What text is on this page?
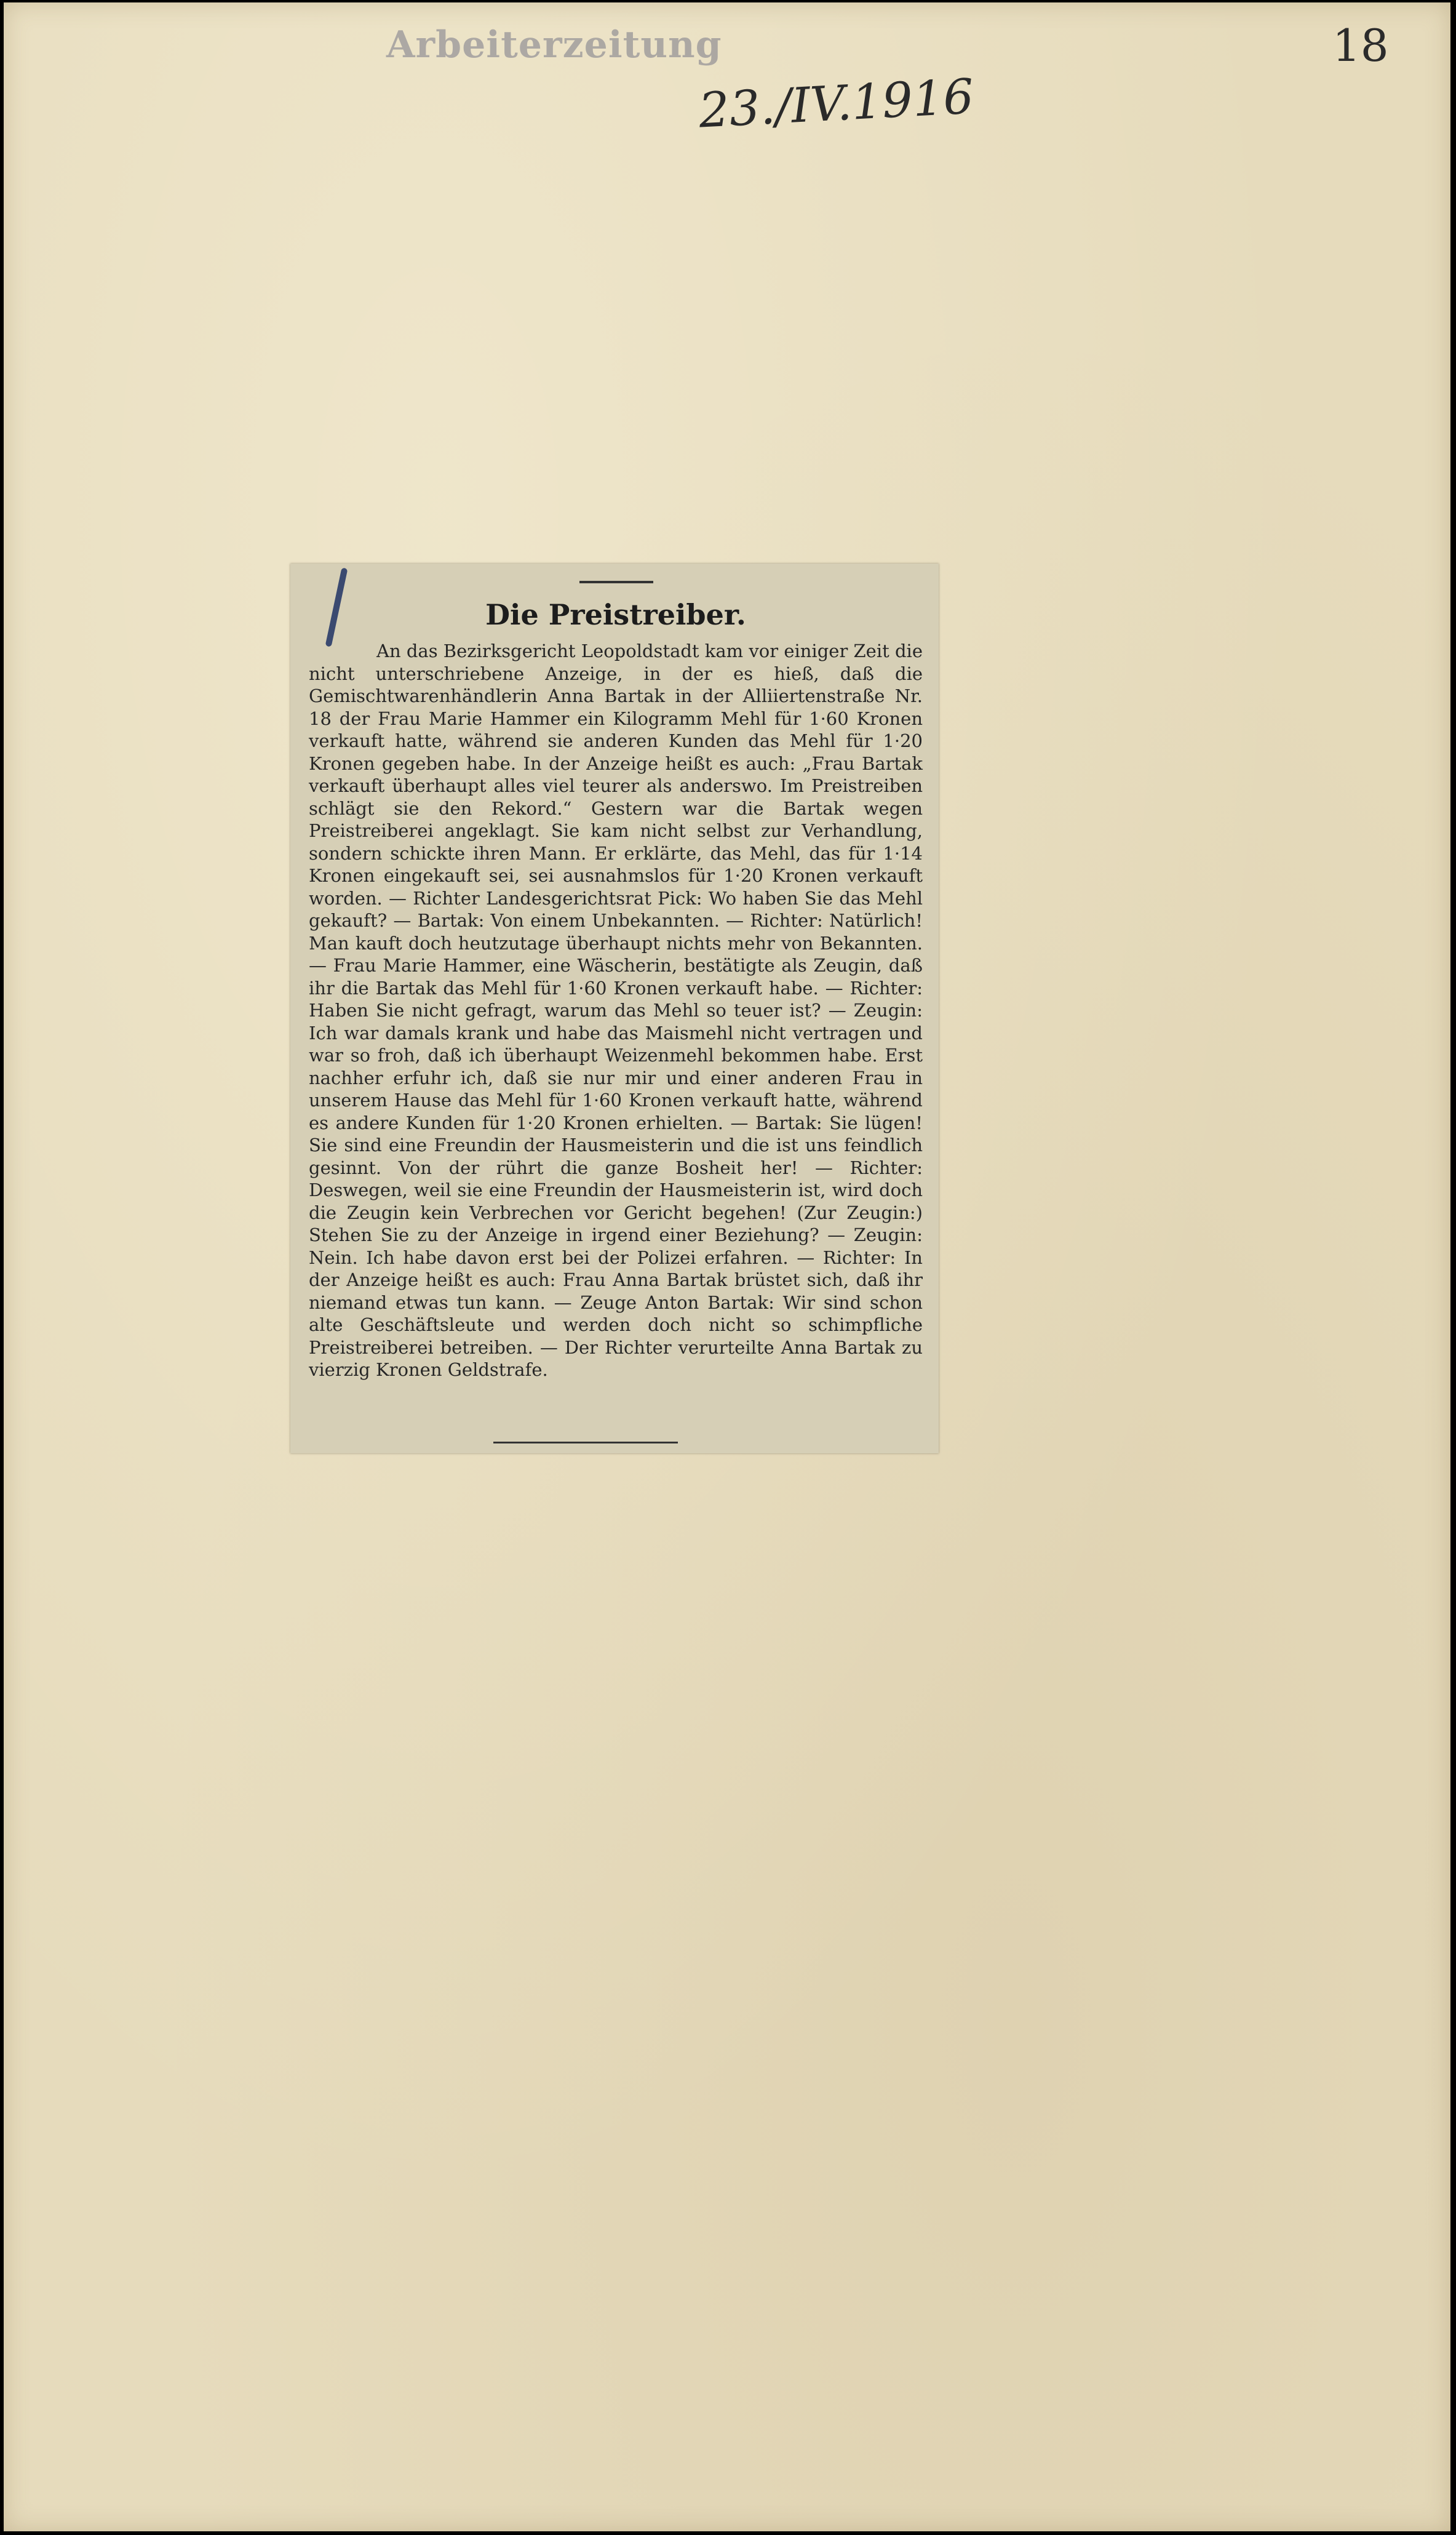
Arbeiterzeitung
23./IV.1916
18
Die Preistreiber.

An das Bezirksgericht Leopoldstadt kam vor einiger Zeit die nicht unterschriebene Anzeige, in der es hieß, daß die Gemischtwarenhändlerin Anna Bartak in der Alliiertenstraße Nr. 18 der Frau Marie Hammer ein Kilogramm Mehl für 1·60 Kronen verkauft hatte, während sie anderen Kunden das Mehl für 1·20 Kronen gegeben habe. In der Anzeige heißt es auch: „Frau Bartak verkauft überhaupt alles viel teurer als anderswo. Im Preistreiben schlägt sie den Rekord.“ Gestern war die Bartak wegen Preistreiberei angeklagt. Sie kam nicht selbst zur Verhandlung, sondern schickte ihren Mann. Er erklärte, das Mehl, das für 1·14 Kronen eingekauft sei, sei ausnahmslos für 1·20 Kronen verkauft worden. — Richter Landesgerichtsrat Pick: Wo haben Sie das Mehl gekauft? — Bartak: Von einem Unbekannten. — Richter: Natürlich! Man kauft doch heutzutage überhaupt nichts mehr von Bekannten. — Frau Marie Hammer, eine Wäscherin, bestätigte als Zeugin, daß ihr die Bartak das Mehl für 1·60 Kronen verkauft habe. — Richter: Haben Sie nicht gefragt, warum das Mehl so teuer ist? — Zeugin: Ich war damals krank und habe das Maismehl nicht vertragen und war so froh, daß ich überhaupt Weizenmehl bekommen habe. Erst nachher erfuhr ich, daß sie nur mir und einer anderen Frau in unserem Hause das Mehl für 1·60 Kronen verkauft hatte, während es andere Kunden für 1·20 Kronen erhielten. — Bartak: Sie lügen! Sie sind eine Freundin der Hausmeisterin und die ist uns feindlich gesinnt. Von der rührt die ganze Bosheit her! — Richter: Deswegen, weil sie eine Freundin der Hausmeisterin ist, wird doch die Zeugin kein Verbrechen vor Gericht begehen! (Zur Zeugin:) Stehen Sie zu der Anzeige in irgend einer Beziehung? — Zeugin: Nein. Ich habe davon erst bei der Polizei erfahren. — Richter: In der Anzeige heißt es auch: Frau Anna Bartak brüstet sich, daß ihr niemand etwas tun kann. — Zeuge Anton Bartak: Wir sind schon alte Geschäftsleute und werden doch nicht so schimpfliche Preistreiberei betreiben. — Der Richter verurteilte Anna Bartak zu vierzig Kronen Geldstrafe.
